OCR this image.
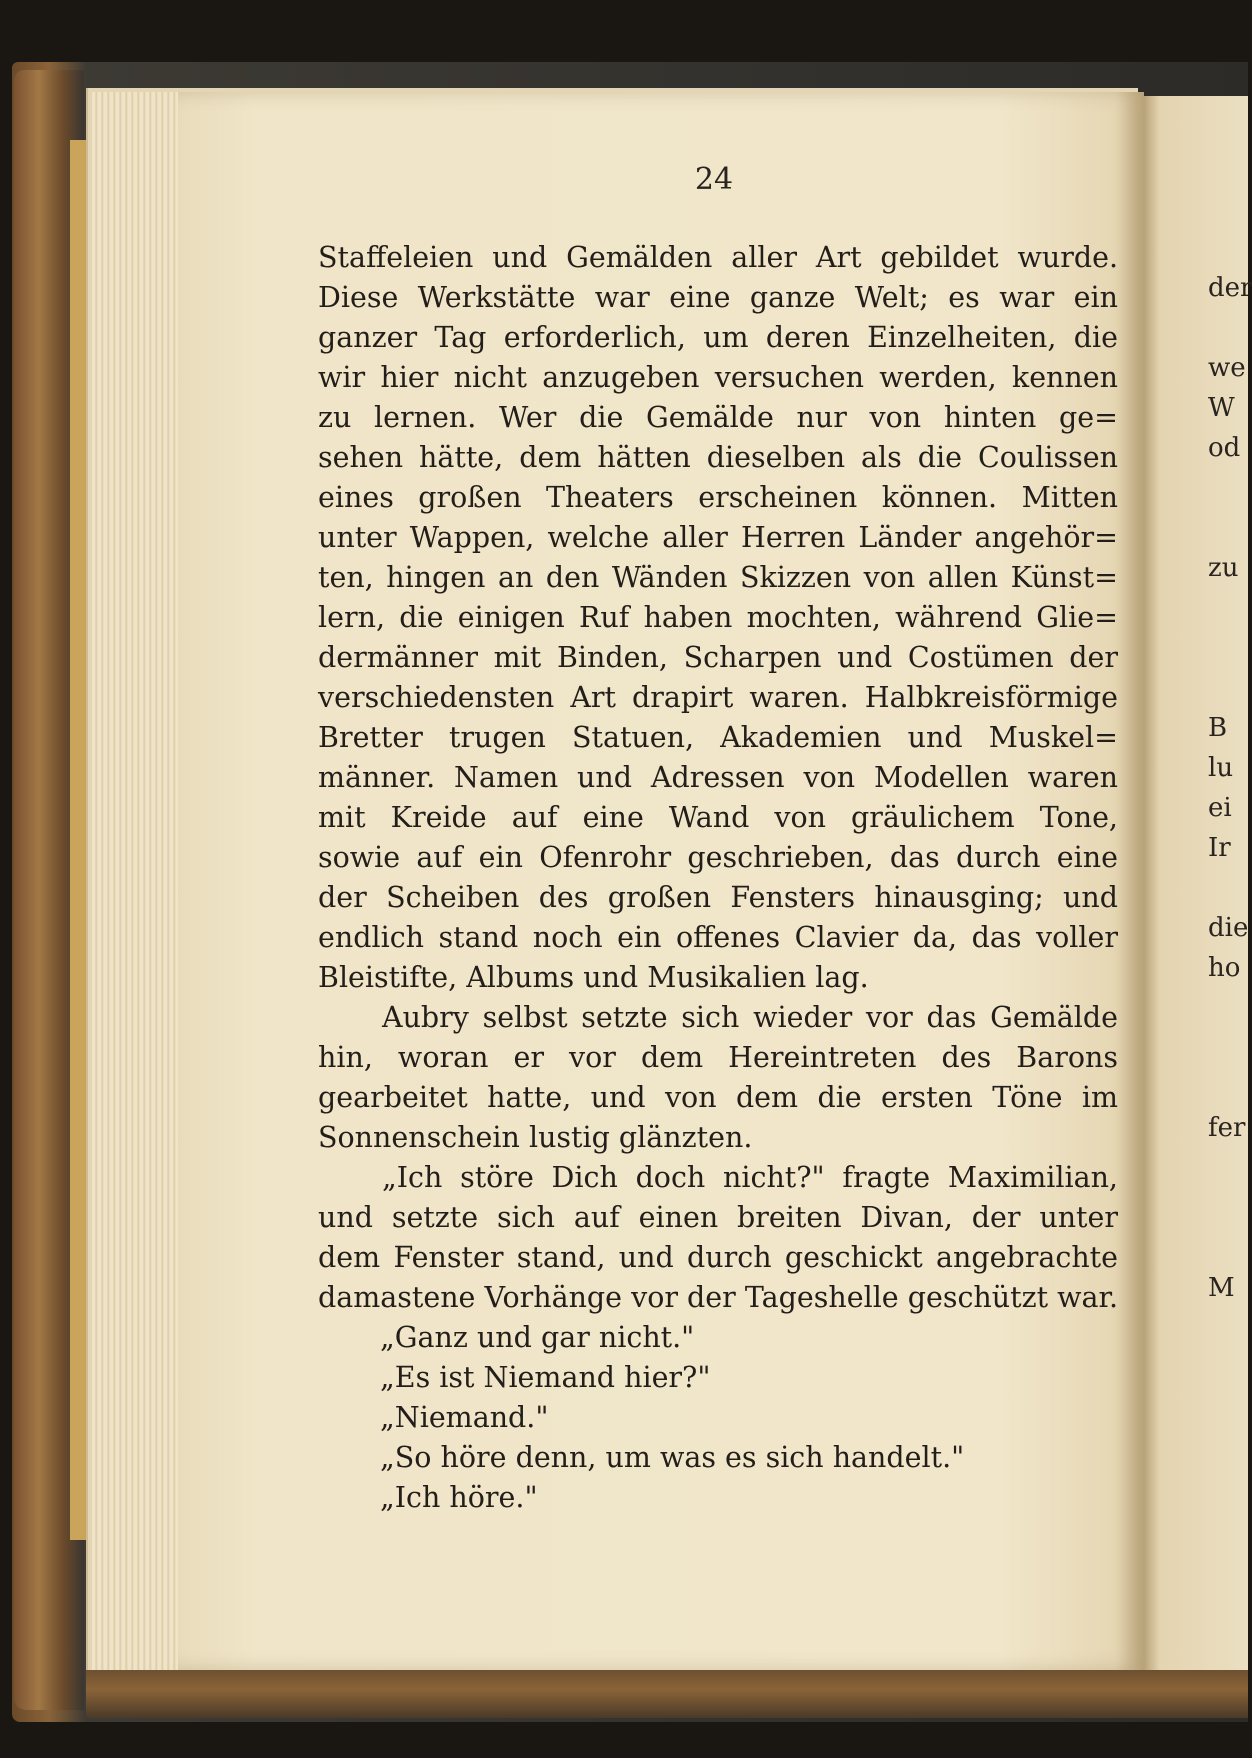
der
we
W
od
zu
B
lu
ei
Ir
die
ho
fer
M
24
Staffeleien und Gemälden aller Art gebildet wurde.
Diese Werkstätte war eine ganze Welt; es war ein
ganzer Tag erforderlich, um deren Einzelheiten, die
wir hier nicht anzugeben versuchen werden, kennen
zu lernen. Wer die Gemälde nur von hinten ge=
sehen hätte, dem hätten dieselben als die Coulissen
eines großen Theaters erscheinen können. Mitten
unter Wappen, welche aller Herren Länder angehör=
ten, hingen an den Wänden Skizzen von allen Künst=
lern, die einigen Ruf haben mochten, während Glie=
dermänner mit Binden, Scharpen und Costümen der
verschiedensten Art drapirt waren. Halbkreisförmige
Bretter trugen Statuen, Akademien und Muskel=
männer. Namen und Adressen von Modellen waren
mit Kreide auf eine Wand von gräulichem Tone,
sowie auf ein Ofenrohr geschrieben, das durch eine
der Scheiben des großen Fensters hinausging; und
endlich stand noch ein offenes Clavier da, das voller
Bleistifte, Albums und Musikalien lag.
Aubry selbst setzte sich wieder vor das Gemälde
hin, woran er vor dem Hereintreten des Barons
gearbeitet hatte, und von dem die ersten Töne im
Sonnenschein lustig glänzten.
„Ich störe Dich doch nicht?" fragte Maximilian,
und setzte sich auf einen breiten Divan, der unter
dem Fenster stand, und durch geschickt angebrachte
damastene Vorhänge vor der Tageshelle geschützt war.
„Ganz und gar nicht."
„Es ist Niemand hier?"
„Niemand."
„So höre denn, um was es sich handelt."
„Ich höre."
